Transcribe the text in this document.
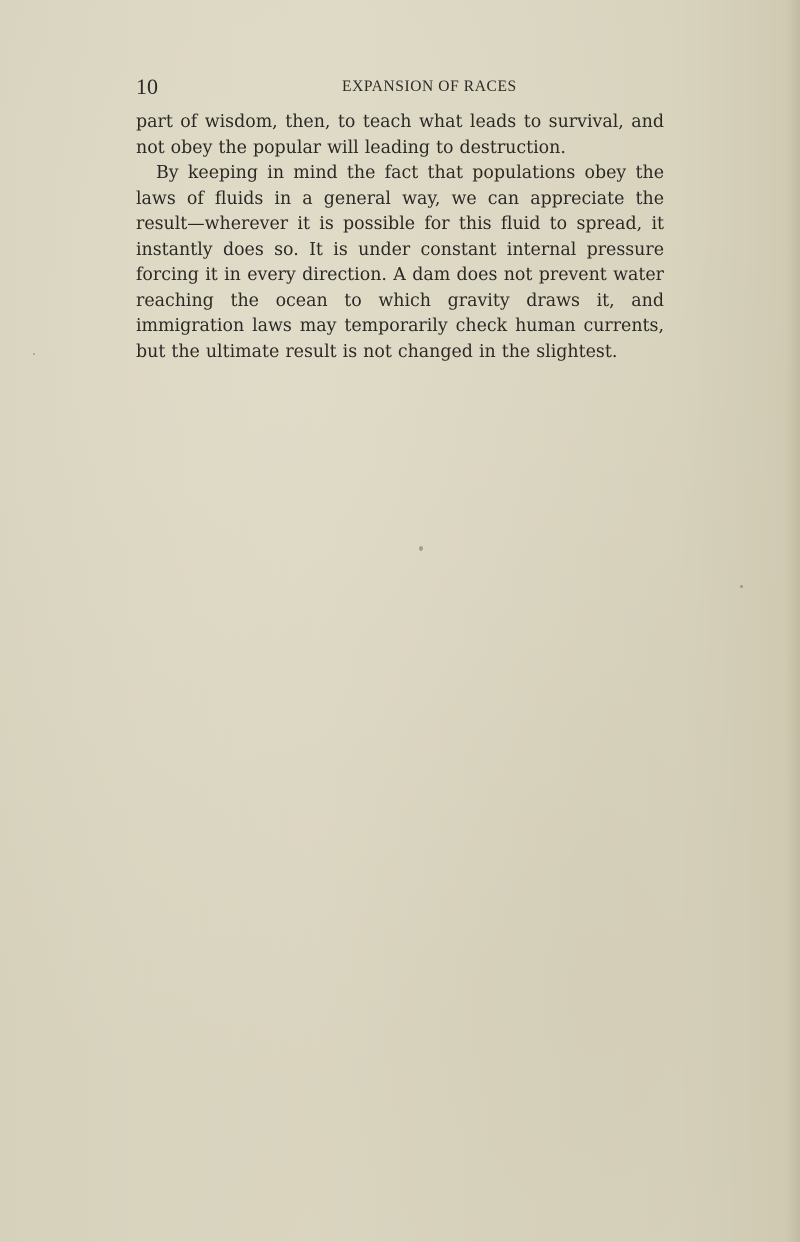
10	EXPANSION OF RACES

part of wisdom, then, to teach what leads to survival, and not obey the popular will leading to destruction.

By keeping in mind the fact that populations obey the laws of fluids in a general way, we can appreciate the result—wherever it is possible for this fluid to spread, it instantly does so. It is under constant internal pressure forcing it in every direction. A dam does not prevent water reaching the ocean to which gravity draws it, and immigration laws may temporarily check human currents, but the ultimate result is not changed in the slightest.
